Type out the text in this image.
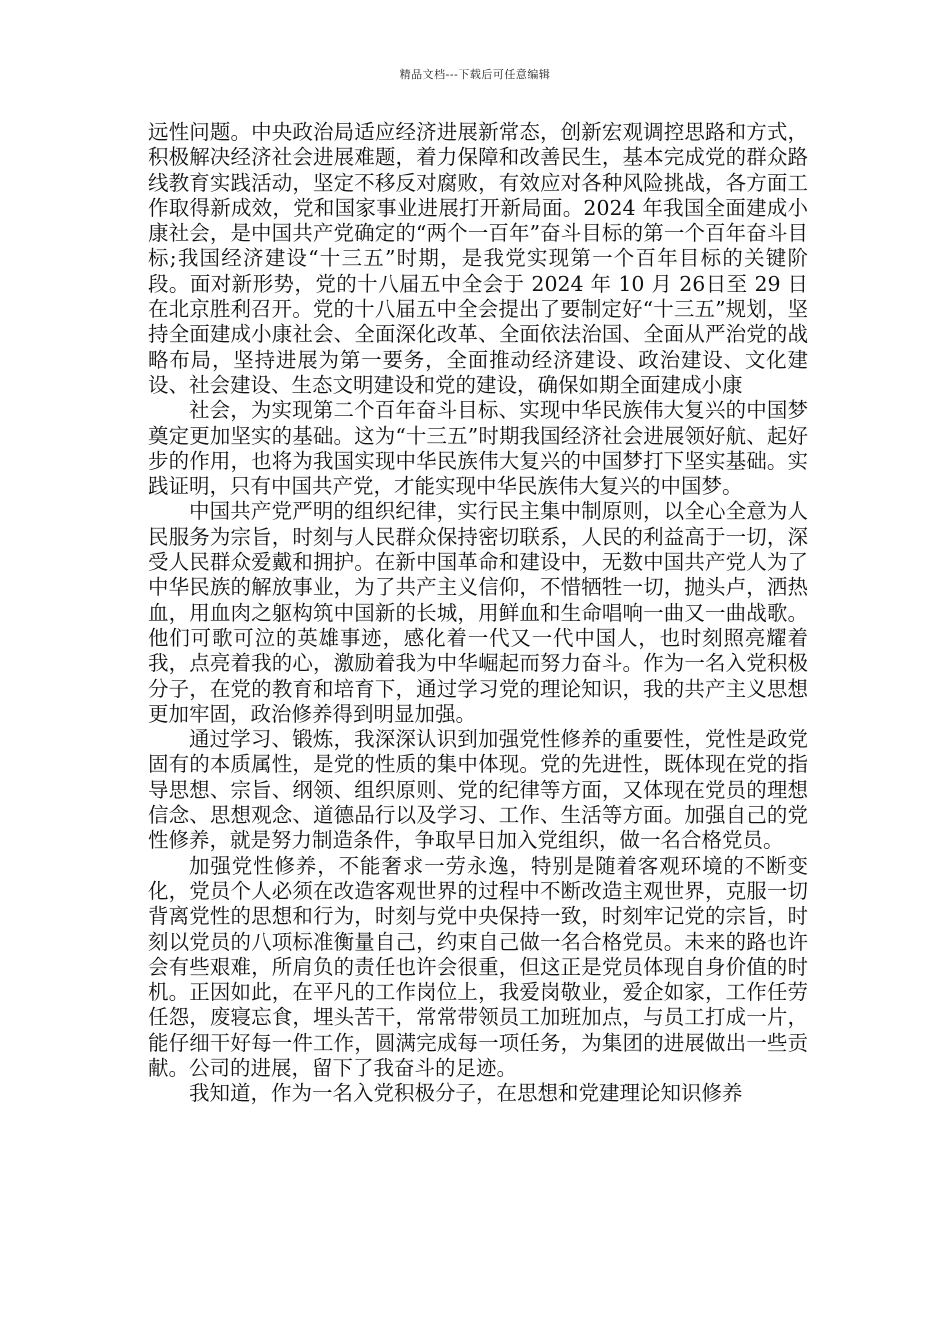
精品文档---下载后可任意编辑

远性问题。中央政治局适应经济进展新常态，创新宏观调控思路和方式，积极解决经济社会进展难题，着力保障和改善民生，基本完成党的群众路线教育实践活动，坚定不移反对腐败，有效应对各种风险挑战，各方面工作取得新成效，党和国家事业进展打开新局面。2024 年我国全面建成小康社会，是中国共产党确定的“两个一百年”奋斗目标的第一个百年奋斗目标;我国经济建设“十三五”时期，是我党实现第一个百年目标的关键阶段。面对新形势，党的十八届五中全会于 2024 年 10 月 26日至 29 日在北京胜利召开。党的十八届五中全会提出了要制定好“十三五”规划，坚持全面建成小康社会、全面深化改革、全面依法治国、全面从严治党的战略布局，坚持进展为第一要务，全面推动经济建设、政治建设、文化建设、社会建设、生态文明建设和党的建设，确保如期全面建成小康

社会，为实现第二个百年奋斗目标、实现中华民族伟大复兴的中国梦奠定更加坚实的基础。这为“十三五”时期我国经济社会进展领好航、起好步的作用，也将为我国实现中华民族伟大复兴的中国梦打下坚实基础。实践证明，只有中国共产党，才能实现中华民族伟大复兴的中国梦。

中国共产党严明的组织纪律，实行民主集中制原则，以全心全意为人民服务为宗旨，时刻与人民群众保持密切联系，人民的利益高于一切，深受人民群众爱戴和拥护。在新中国革命和建设中，无数中国共产党人为了中华民族的解放事业，为了共产主义信仰，不惜牺牲一切，抛头卢，洒热血，用血肉之躯构筑中国新的长城，用鲜血和生命唱响一曲又一曲战歌。他们可歌可泣的英雄事迹，感化着一代又一代中国人，也时刻照亮耀着我，点亮着我的心，激励着我为中华崛起而努力奋斗。作为一名入党积极分子，在党的教育和培育下，通过学习党的理论知识，我的共产主义思想更加牢固，政治修养得到明显加强。

通过学习、锻炼，我深深认识到加强党性修养的重要性，党性是政党固有的本质属性，是党的性质的集中体现。党的先进性，既体现在党的指导思想、宗旨、纲领、组织原则、党的纪律等方面，又体现在党员的理想信念、思想观念、道德品行以及学习、工作、生活等方面。加强自己的党性修养，就是努力制造条件，争取早日加入党组织，做一名合格党员。

加强党性修养，不能奢求一劳永逸，特别是随着客观环境的不断变化，党员个人必须在改造客观世界的过程中不断改造主观世界，克服一切背离党性的思想和行为，时刻与党中央保持一致，时刻牢记党的宗旨，时刻以党员的八项标准衡量自己，约束自己做一名合格党员。未来的路也许会有些艰难，所肩负的责任也许会很重，但这正是党员体现自身价值的时机。正因如此，在平凡的工作岗位上，我爱岗敬业，爱企如家，工作任劳任怨，废寝忘食，埋头苦干，常常带领员工加班加点，与员工打成一片，能仔细干好每一件工作，圆满完成每一项任务，为集团的进展做出一些贡献。公司的进展，留下了我奋斗的足迹。

我知道，作为一名入党积极分子，在思想和党建理论知识修养
